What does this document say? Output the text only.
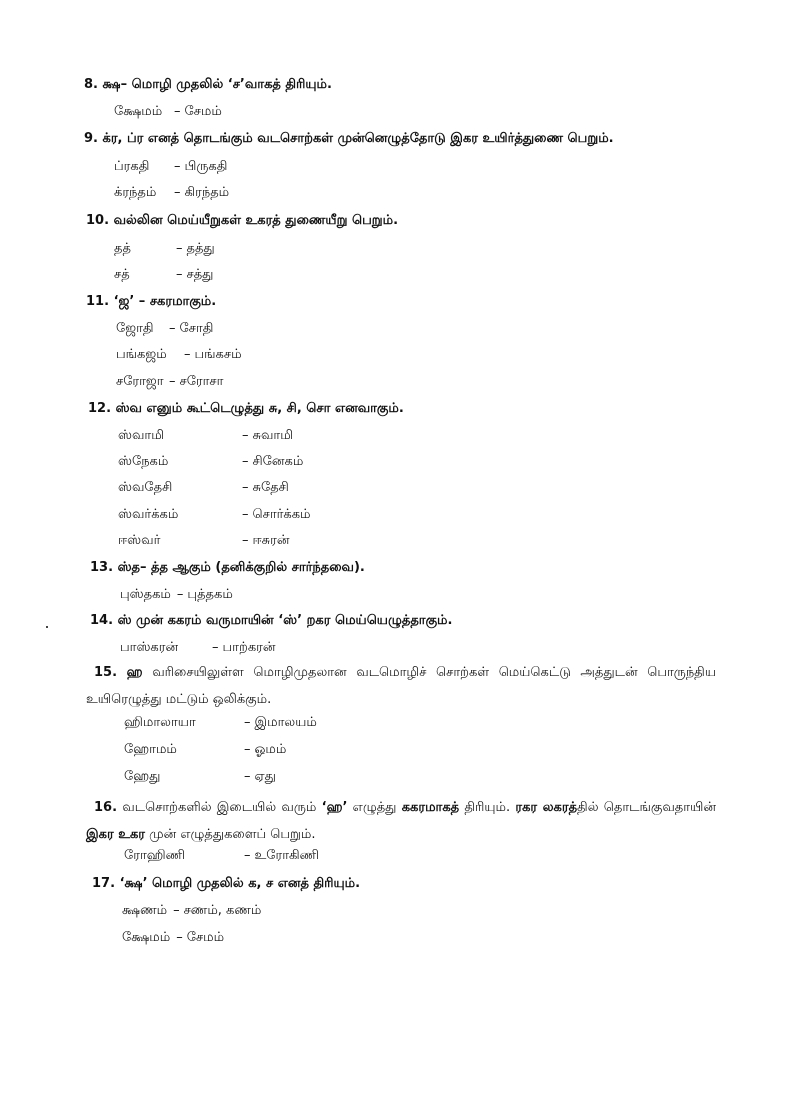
8. க்ஷ– மொழி முதலில் ‘ச’வாகத் திரியும்.
க்ஷேமம் – சேமம்
9. க்ர, ப்ர எனத் தொடங்கும் வடசொற்கள் முன்னெழுத்தோடு இகர உயிர்த்துணை பெறும்.
ப்ரகதி – பிருகதி
க்ரந்தம் – கிரந்தம்
10. வல்லின மெய்யீறுகள் உகரத் துணையீறு பெறும்.
தத்	– தத்து
சத்	– சத்து
11. ‘ஜ’ – சகரமாகும்.
ஜோதி – சோதி
பங்கஜம் – பங்கசம்
சரோஜா – சரோசா
12. ஸ்வ எனும் கூட்டெழுத்து சு, சி, சொ எனவாகும்.
ஸ்வாமி	– சுவாமி
ஸ்நேகம்	– சினேகம்
ஸ்வதேசி	– சுதேசி
ஸ்வர்க்கம்	– சொர்க்கம்
ஈஸ்வர்	– ஈசுரன்
13. ஸ்த– த்த ஆகும் (தனிக்குறில் சார்ந்தவை).
புஸ்தகம் – புத்தகம்
14. ஸ் முன் ககரம் வருமாயின் ‘ஸ்’ றகர மெய்யெழுத்தாகும்.
பாஸ்கரன்	– பாற்கரன்
15. ஹ வரிசையிலுள்ள மொழிமுதலான வடமொழிச் சொற்கள் மெய்கெட்டு அத்துடன் பொருந்திய உயிரெழுத்து மட்டும் ஒலிக்கும்.
ஹிமாலாயா	– இமாலயம்
ஹோமம்	– ஓமம்
ஹேது	– ஏது
16. வடசொற்களில் இடையில் வரும் ‘ஹ’ எழுத்து ககரமாகத் திரியும். ரகர லகரத்தில் தொடங்குவதாயின் இகர உகர முன் எழுத்துகளைப் பெறும்.
ரோஹிணி	– உரோகிணி
17. ‘க்ஷ’ மொழி முதலில் க, ச எனத் திரியும்.
க்ஷணம் – சணம், கணம்
க்ஷேமம் – சேமம்
